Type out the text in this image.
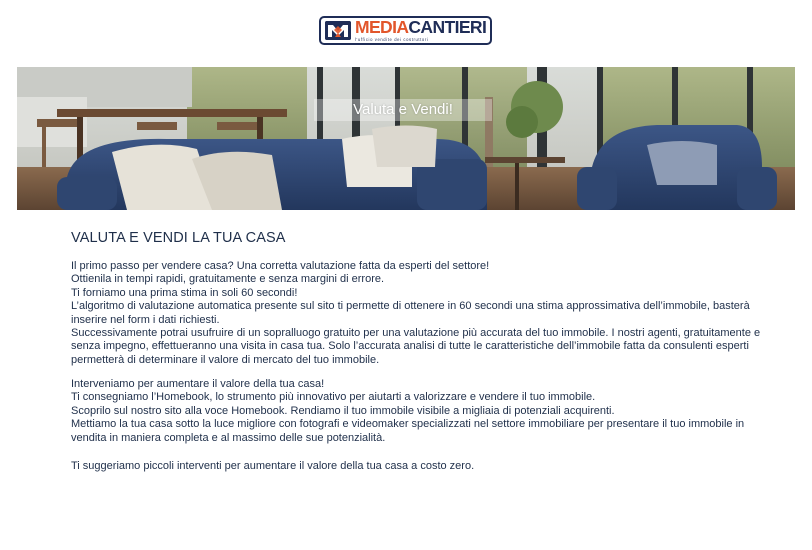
MEDIACANTIERI
l'ufficio vendite dei costruttori
Valuta e Vendi!
VALUTA E VENDI LA TUA CASA

Il primo passo per vendere casa? Una corretta valutazione fatta da esperti del settore!

Ottienila in tempi rapidi, gratuitamente e senza margini di errore.

Ti forniamo una prima stima in soli 60 secondi!

L’algoritmo di valutazione automatica presente sul sito ti permette di ottenere in 60 secondi una stima approssimativa dell’immobile, basterà inserire nel form i dati richiesti.

Successivamente potrai usufruire di un sopralluogo gratuito per una valutazione più accurata del tuo immobile. I nostri agenti, gratuitamente e senza impegno, effettueranno una visita in casa tua. Solo l’accurata analisi di tutte le caratteristiche dell’immobile fatta da consulenti esperti permetterà di determinare il valore di mercato del tuo immobile.

Interveniamo per aumentare il valore della tua casa!

Ti consegniamo l’Homebook, lo strumento più innovativo per aiutarti a valorizzare e vendere il tuo immobile.

Scoprilo sul nostro sito alla voce Homebook. Rendiamo il tuo immobile visibile a migliaia di potenziali acquirenti.

Mettiamo la tua casa sotto la luce migliore con fotografi e videomaker specializzati nel settore immobiliare per presentare il tuo immobile in vendita in maniera completa e al massimo delle sue potenzialità.

Ti suggeriamo piccoli interventi per aumentare il valore della tua casa a costo zero.
